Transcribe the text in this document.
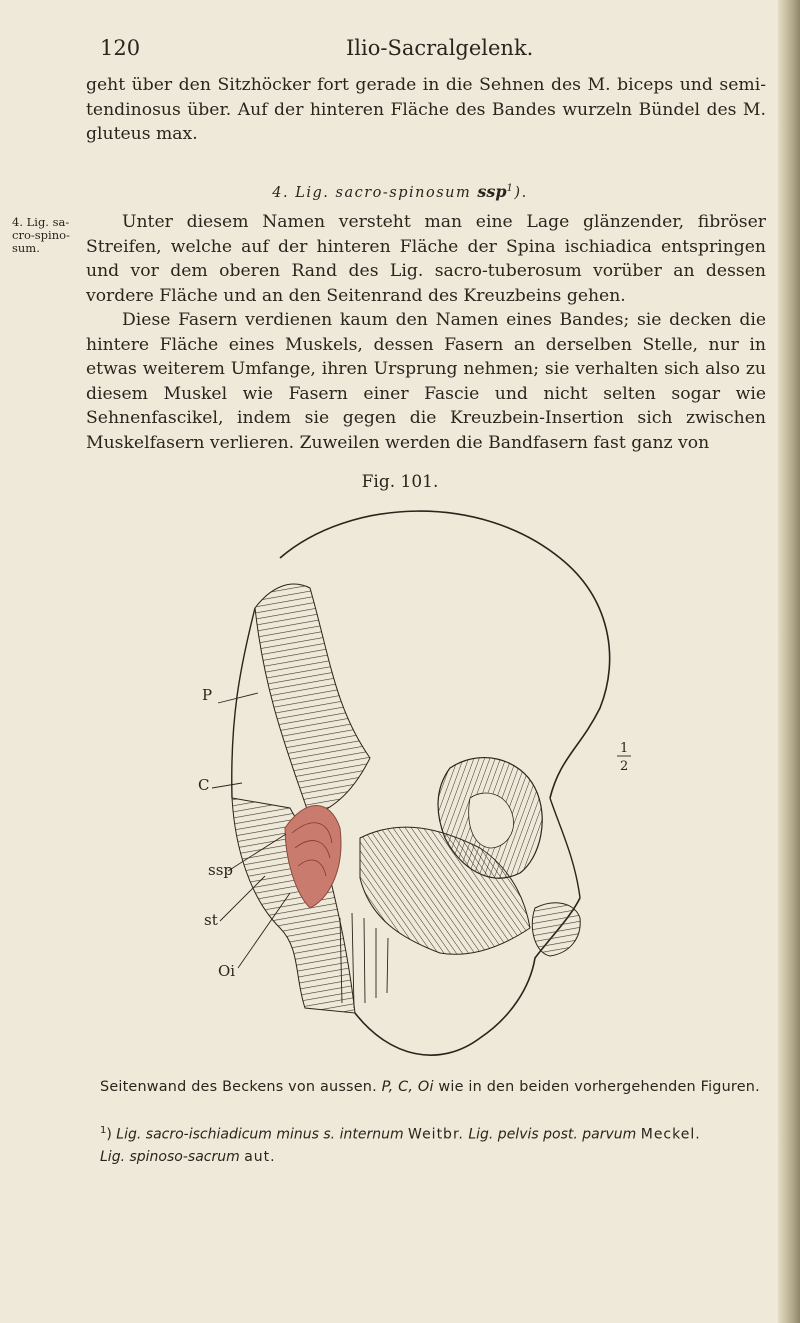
120	Ilio-Sacralgelenk.

geht über den Sitzhöcker fort gerade in die Sehnen des M. biceps und semi-tendinosus über. Auf der hinteren Fläche des Bandes wurzeln Bündel des M. gluteus max.

4. Lig. sacro-spinosum ssp$^1$).
4. Lig. sa-cro-spino-sum.

Unter diesem Namen versteht man eine Lage glänzender, fibröser Streifen, welche auf der hinteren Fläche der Spina ischiadica entspringen und vor dem oberen Rand des Lig. sacro-tuberosum vorüber an dessen vordere Fläche und an den Seitenrand des Kreuzbeins gehen.

Diese Fasern verdienen kaum den Namen eines Bandes; sie decken die hintere Fläche eines Muskels, dessen Fasern an derselben Stelle, nur in etwas weiterem Umfange, ihren Ursprung nehmen; sie verhalten sich also zu diesem Muskel wie Fasern einer Fascie und nicht selten sogar wie Sehnenfascikel, indem sie gegen die Kreuzbein-Insertion sich zwischen Muskelfasern verlieren. Zuweilen werden die Bandfasern fast ganz von

Fig. 101.
P
C
ssp
st
Oi
1
2
Seitenwand des Beckens von aussen. P, C, Oi wie in den beiden vorhergehenden Figuren.
$^1$) Lig. sacro-ischiadicum minus s. internum Weitbr. Lig. pelvis post. parvum Meckel.
Lig. spinoso-sacrum aut.
